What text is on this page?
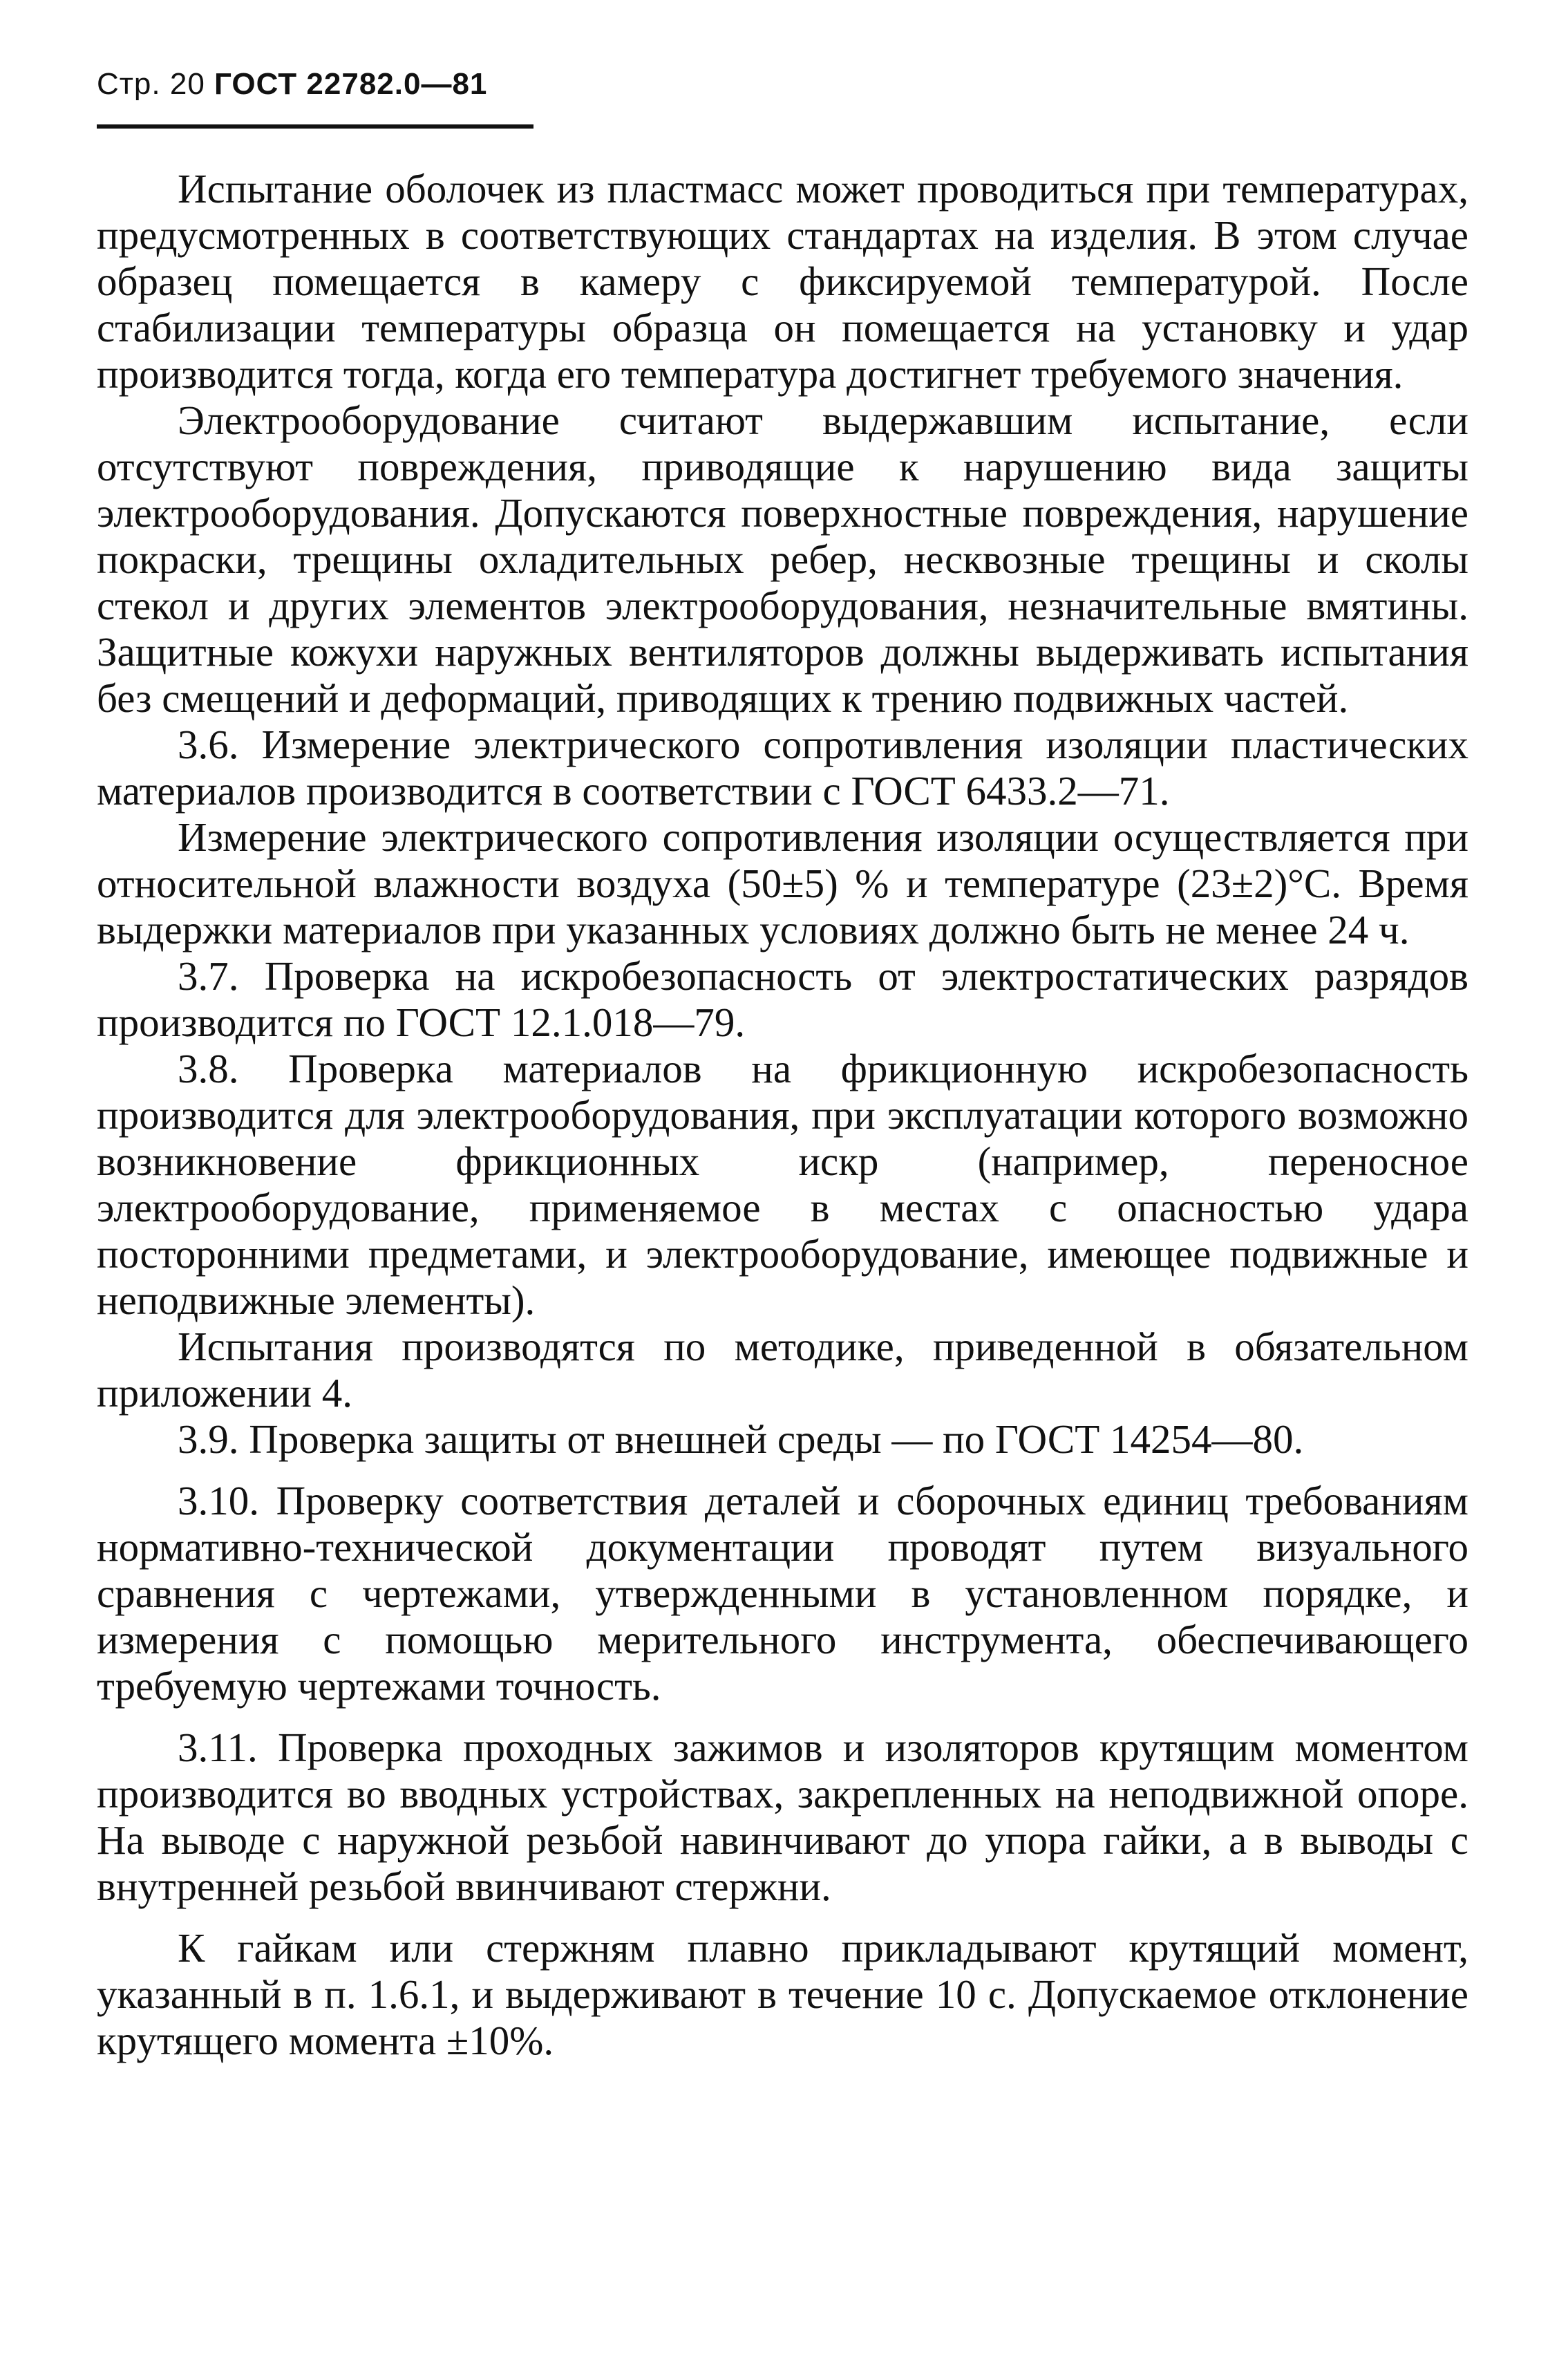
Стр. 20 ГОСТ 22782.0—81

Испытание оболочек из пластмасс может проводиться при температурах, предусмотренных в соответствующих стандартах на изделия. В этом случае образец помещается в камеру с фиксируемой температурой. После стабилизации температуры образца он помещается на установку и удар производится тогда, когда его температура достигнет требуемого значения.

Электрооборудование считают выдержавшим испытание, если отсутствуют повреждения, приводящие к нарушению вида защиты электрооборудования. Допускаются поверхностные повреждения, нарушение покраски, трещины охладительных ребер, несквозные трещины и сколы стекол и других элементов электрооборудования, незначительные вмятины. Защитные кожухи наружных вентиляторов должны выдерживать испытания без смещений и деформаций, приводящих к трению подвижных частей.

3.6. Измерение электрического сопротивления изоляции пластических материалов производится в соответствии с ГОСТ 6433.2—71.

Измерение электрического сопротивления изоляции осуществляется при относительной влажности воздуха (50±5) % и температуре (23±2)°С. Время выдержки материалов при указанных условиях должно быть не менее 24 ч.

3.7. Проверка на искробезопасность от электростатических разрядов производится по ГОСТ 12.1.018—79.

3.8. Проверка материалов на фрикционную искробезопасность производится для электрооборудования, при эксплуатации которого возможно возникновение фрикционных искр (например, переносное электрооборудование, применяемое в местах с опасностью удара посторонними предметами, и электрооборудование, имеющее подвижные и неподвижные элементы).

Испытания производятся по методике, приведенной в обязательном приложении 4.

3.9. Проверка защиты от внешней среды — по ГОСТ 14254—80.

3.10. Проверку соответствия деталей и сборочных единиц требованиям нормативно-технической документации проводят путем визуального сравнения с чертежами, утвержденными в установленном порядке, и измерения с помощью мерительного инструмента, обеспечивающего требуемую чертежами точность.

3.11. Проверка проходных зажимов и изоляторов крутящим моментом производится во вводных устройствах, закрепленных на неподвижной опоре. На выводе с наружной резьбой навинчивают до упора гайки, а в выводы с внутренней резьбой ввинчивают стержни.

К гайкам или стержням плавно прикладывают крутящий момент, указанный в п. 1.6.1, и выдерживают в течение 10 с. Допускаемое отклонение крутящего момента ±10%.
